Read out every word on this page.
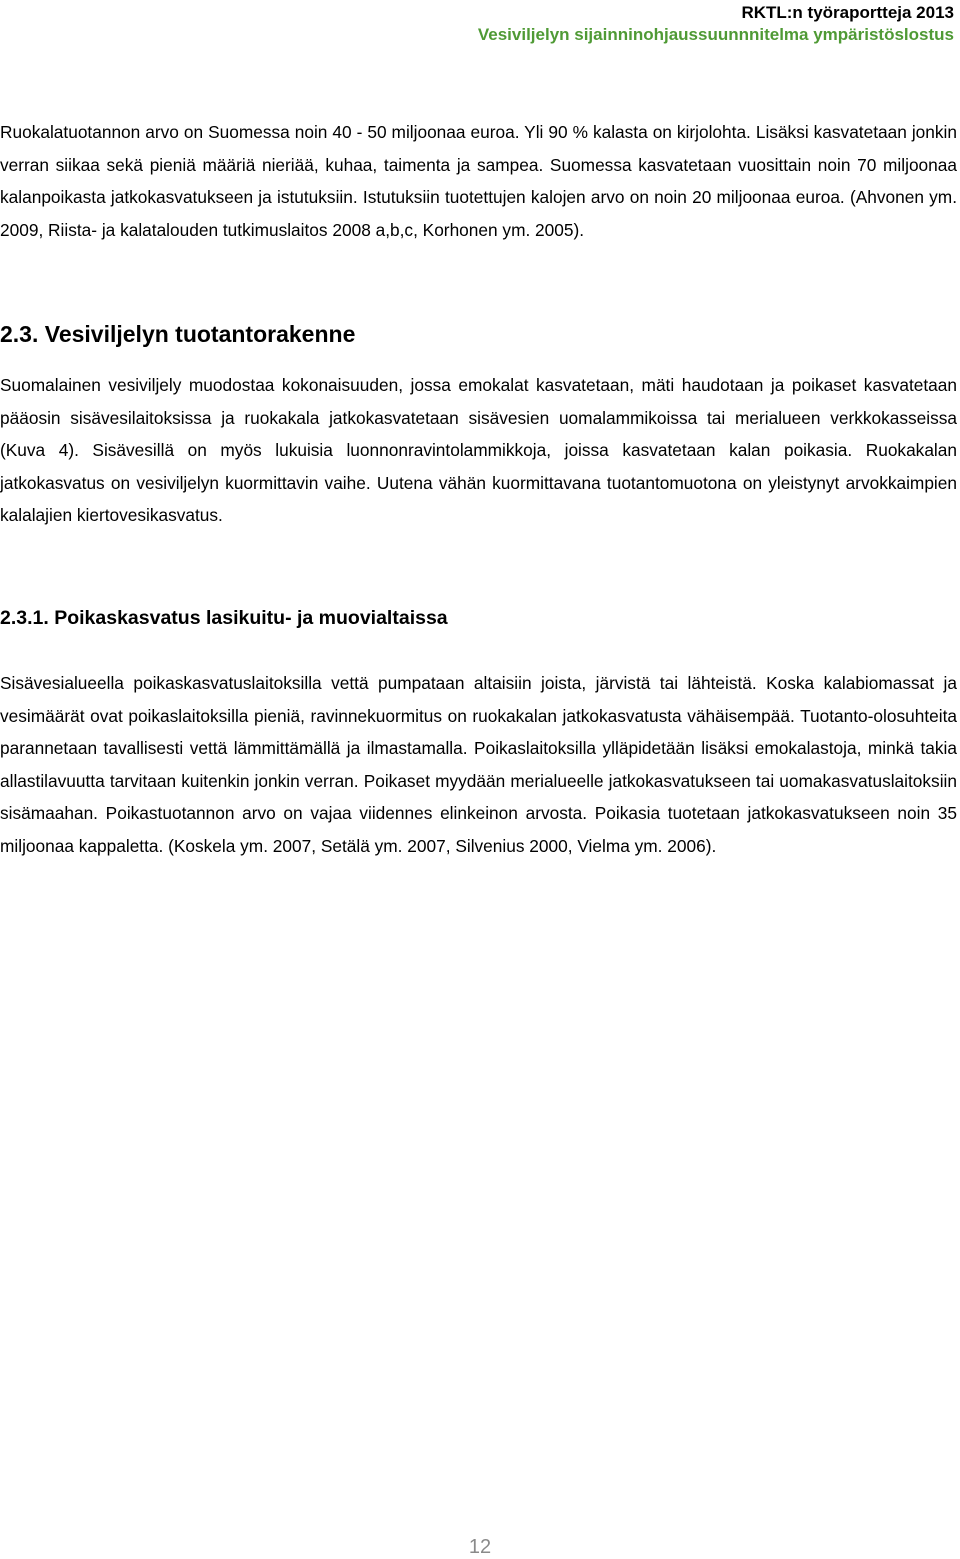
RKTL:n työraportteja 2013
Vesiviljelyn sijainninohjaussuunnnitelma ympäristöslostus

Ruokalatuotannon arvo on Suomessa noin 40 - 50 miljoonaa euroa. Yli 90 % kalasta on kirjolohta. Lisäksi kasvatetaan jonkin verran siikaa sekä pieniä määriä nieriää, kuhaa, taimenta ja sampea. Suomessa kasvatetaan vuosittain noin 70 miljoonaa kalanpoikasta jatkokasvatukseen ja istutuksiin. Istutuksiin tuotettujen kalojen arvo on noin 20 miljoonaa euroa. (Ahvonen ym. 2009, Riista- ja kalatalouden tutkimuslaitos 2008 a,b,c, Korhonen ym. 2005).

2.3. Vesiviljelyn tuotantorakenne

Suomalainen vesiviljely muodostaa kokonaisuuden, jossa emokalat kasvatetaan, mäti haudotaan ja poikaset kasvatetaan pääosin sisävesilaitoksissa ja ruokakala jatkokasvatetaan sisävesien uomalammikoissa tai merialueen verkkokasseissa (Kuva 4). Sisävesillä on myös lukuisia luonnonravintolammikkoja, joissa kasvatetaan kalan poikasia. Ruokakalan jatkokasvatus on vesiviljelyn kuormittavin vaihe. Uutena vähän kuormittavana tuotantomuotona on yleistynyt arvokkaimpien kalalajien kiertovesikasvatus.

2.3.1. Poikaskasvatus lasikuitu- ja muovialtaissa

Sisävesialueella poikaskasvatuslaitoksilla vettä pumpataan altaisiin joista, järvistä tai lähteistä. Koska kalabiomassat ja vesimäärät ovat poikaslaitoksilla pieniä, ravinnekuormitus on ruokakalan jatkokasvatusta vähäisempää. Tuotanto-olosuhteita parannetaan tavallisesti vettä lämmittämällä ja ilmastamalla. Poikaslaitoksilla ylläpidetään lisäksi emokalastoja, minkä takia allastilavuutta tarvitaan kuitenkin jonkin verran. Poikaset myydään merialueelle jatkokasvatukseen tai uomakasvatuslaitoksiin sisämaahan. Poikastuotannon arvo on vajaa viidennes elinkeinon arvosta. Poikasia tuotetaan jatkokasvatukseen noin 35 miljoonaa kappaletta. (Koskela ym. 2007, Setälä ym. 2007, Silvenius 2000, Vielma ym. 2006).

12
